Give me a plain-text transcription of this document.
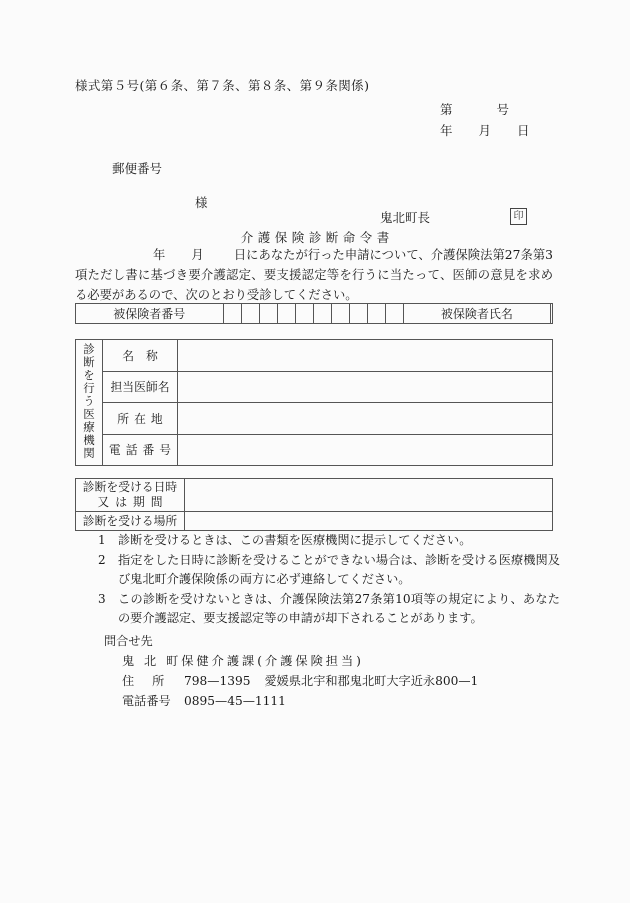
様式第５号(第６条、第７条、第８条、第９条関係)
第	号
年 月 日
郵便番号
様
鬼北町長	印
介護保険診断命令書
年 月 日にあなたが行った申請について、介護保険法第27条第3項ただし書に基づき要介護認定、要支援認定等を行うに当たって、医師の意見を求める必要があるので、次のとおり受診してください。
被保険者番号											被保険者氏名	
診断を行う医療機関	名称	
	担当医師名	
	所在地	
	電話番号	
診断を受ける日時
又は期間	

診断を受ける場所	
1 診断を受けるときは、この書類を医療機関に提示してください。
2 指定をした日時に診断を受けることができない場合は、診断を受ける医療機関及び鬼北町介護保険係の両方に必ず連絡してください。
3 この診断を受けないときは、介護保険法第27条第10項等の規定により、あなたの要介護認定、要支援認定等の申請が却下されることがあります。
問合せ先
鬼 北 町保健介護課(介護保険担当)
住所 798—1395 愛媛県北宇和郡鬼北町大字近永800—1
電話番号 0895—45—1111
